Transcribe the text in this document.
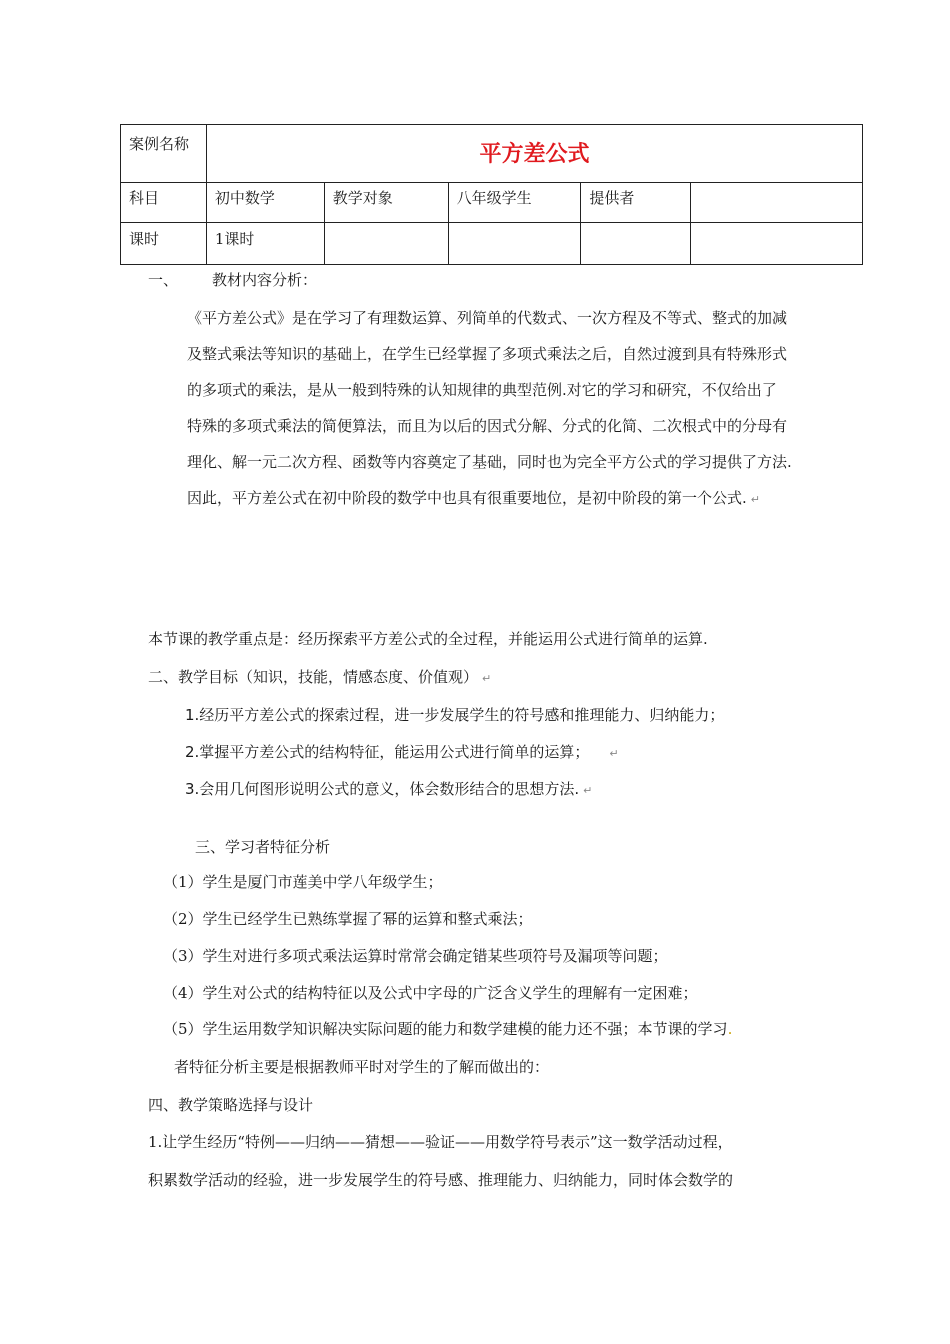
案例名称	平方差公式				
科目	初中数学	教学对象	八年级学生	提供者	
课时	1课时				
一、 教材内容分析：
《平方差公式》是在学习了有理数运算、列简单的代数式、一次方程及不等式、整式的加减
及整式乘法等知识的基础上，在学生已经掌握了多项式乘法之后，自然过渡到具有特殊形式
的多项式的乘法，是从一般到特殊的认知规律的典型范例.对它的学习和研究，不仅给出了
特殊的多项式乘法的简便算法，而且为以后的因式分解、分式的化简、二次根式中的分母有
理化、解一元二次方程、函数等内容奠定了基础，同时也为完全平方公式的学习提供了方法.
因此，平方差公式在初中阶段的数学中也具有很重要地位，是初中阶段的第一个公式. ↵
本节课的教学重点是：经历探索平方差公式的全过程，并能运用公式进行简单的运算.
二、教学目标（知识，技能，情感态度、价值观） ↵
1.经历平方差公式的探索过程，进一步发展学生的符号感和推理能力、归纳能力；
2.掌握平方差公式的结构特征，能运用公式进行简单的运算； ↵
3.会用几何图形说明公式的意义，体会数形结合的思想方法. ↵
三、学习者特征分析
（1）学生是厦门市莲美中学八年级学生；
（2）学生已经学生已熟练掌握了幂的运算和整式乘法；
（3）学生对进行多项式乘法运算时常常会确定错某些项符号及漏项等问题；
（4）学生对公式的结构特征以及公式中字母的广泛含义学生的理解有一定困难；
（5）学生运用数学知识解决实际问题的能力和数学建模的能力还不强；本节课的学习.
者特征分析主要是根据教师平时对学生的了解而做出的：
四、教学策略选择与设计
1.让学生经历“特例——归纳——猜想——验证——用数学符号表示”这一数学活动过程，
积累数学活动的经验，进一步发展学生的符号感、推理能力、归纳能力，同时体会数学的
